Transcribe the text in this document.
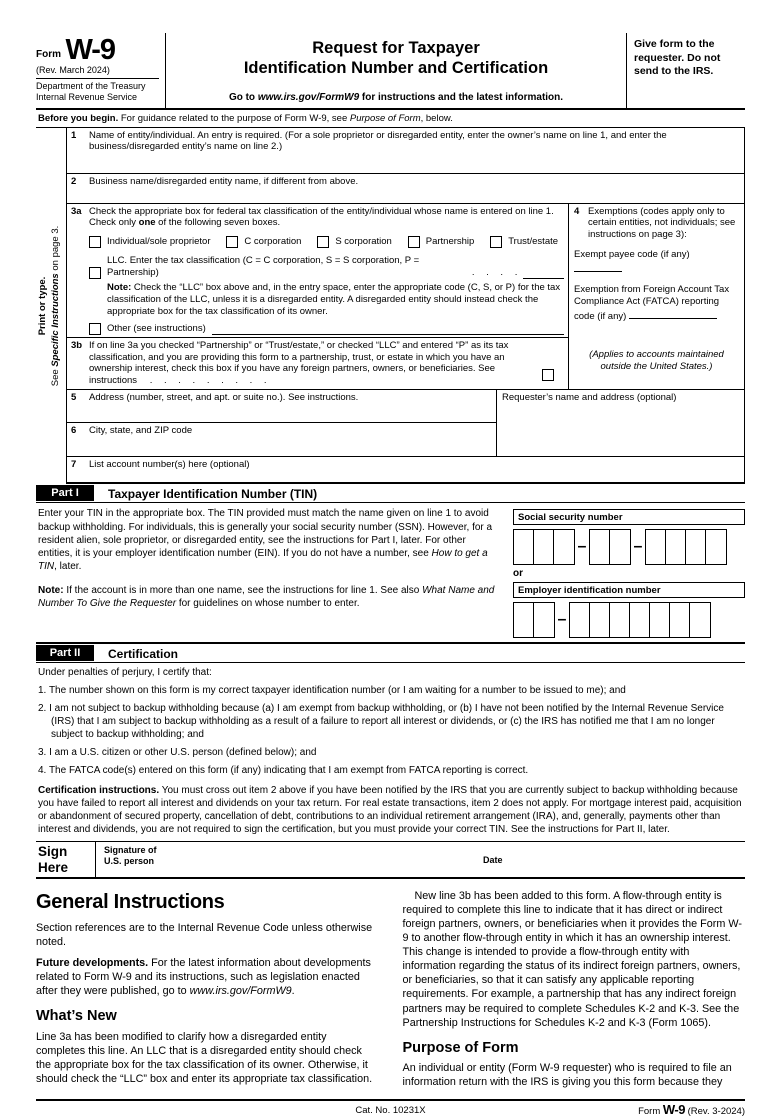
Form W-9
(Rev. March 2024)
Department of the Treasury
Internal Revenue Service
Request for Taxpayer
Identification Number and Certification
Go to www.irs.gov/FormW9 for instructions and the latest information.
Give form to the requester. Do not send to the IRS.
Before you begin. For guidance related to the purpose of Form W-9, see Purpose of Form, below.
Print or type.
See Specific Instructions on page 3.
1	Name of entity/individual. An entry is required. (For a sole proprietor or disregarded entity, enter the owner’s name on line 1, and enter the business/disregarded entity’s name on line 2.)
2	Business name/disregarded entity name, if different from above.
3a Check the appropriate box for federal tax classification of the entity/individual whose name is entered on line 1. Check only one of the following seven boxes.
Individual/sole proprietor	C corporation	S corporation	Partnership	Trust/estate
LLC. Enter the tax classification (C = C corporation, S = S corporation, P = Partnership)	. . . .
Note: Check the “LLC” box above and, in the entry space, enter the appropriate code (C, S, or P) for the tax classification of the LLC, unless it is a disregarded entity. A disregarded entity should instead check the appropriate box for the tax classification of its owner.
Other (see instructions)
3b If on line 3a you checked “Partnership” or “Trust/estate,” or checked “LLC” and entered “P” as its tax classification, and you are providing this form to a partnership, trust, or estate in which you have an ownership interest, check this box if you have any foreign partners, owners, or beneficiaries. See instructions . . . . . . . . .
4 Exemptions (codes apply only to certain entities, not individuals; see instructions on page 3):
Exempt payee code (if any)
Exemption from Foreign Account Tax Compliance Act (FATCA) reporting code (if any)
(Applies to accounts maintained outside the United States.)
5	Address (number, street, and apt. or suite no.). See instructions.
6	City, state, and ZIP code
Requester’s name and address (optional)
7	List account number(s) here (optional)
Part I	Taxpayer Identification Number (TIN)

Enter your TIN in the appropriate box. The TIN provided must match the name given on line 1 to avoid backup withholding. For individuals, this is generally your social security number (SSN). However, for a resident alien, sole proprietor, or disregarded entity, see the instructions for Part I, later. For other entities, it is your employer identification number (EIN). If you do not have a number, see How to get a TIN, later.

Note: If the account is in more than one name, see the instructions for line 1. See also What Name and Number To Give the Requester for guidelines on whose number to enter.

Social security number
–	–
or
Employer identification number
–
Part II	Certification
Under penalties of perjury, I certify that:
1. The number shown on this form is my correct taxpayer identification number (or I am waiting for a number to be issued to me); and
2. I am not subject to backup withholding because (a) I am exempt from backup withholding, or (b) I have not been notified by the Internal Revenue Service (IRS) that I am subject to backup withholding as a result of a failure to report all interest or dividends, or (c) the IRS has notified me that I am no longer subject to backup withholding; and
3. I am a U.S. citizen or other U.S. person (defined below); and
4. The FATCA code(s) entered on this form (if any) indicating that I am exempt from FATCA reporting is correct.
Certification instructions. You must cross out item 2 above if you have been notified by the IRS that you are currently subject to backup withholding because you have failed to report all interest and dividends on your tax return. For real estate transactions, item 2 does not apply. For mortgage interest paid, acquisition or abandonment of secured property, cancellation of debt, contributions to an individual retirement arrangement (IRA), and, generally, payments other than interest and dividends, you are not required to sign the certification, but you must provide your correct TIN. See the instructions for Part II, later.
Sign
Here
Signature of
U.S. person	Date
General Instructions

Section references are to the Internal Revenue Code unless otherwise noted.

Future developments. For the latest information about developments related to Form W-9 and its instructions, such as legislation enacted after they were published, go to www.irs.gov/FormW9.

What’s New

Line 3a has been modified to clarify how a disregarded entity completes this line. An LLC that is a disregarded entity should check the appropriate box for the tax classification of its owner. Otherwise, it should check the “LLC” box and enter its appropriate tax classification.

New line 3b has been added to this form. A flow-through entity is required to complete this line to indicate that it has direct or indirect foreign partners, owners, or beneficiaries when it provides the Form W-9 to another flow-through entity in which it has an ownership interest. This change is intended to provide a flow-through entity with information regarding the status of its indirect foreign partners, owners, or beneficiaries, so that it can satisfy any applicable reporting requirements. For example, a partnership that has any indirect foreign partners may be required to complete Schedules K-2 and K-3. See the Partnership Instructions for Schedules K-2 and K-3 (Form 1065).

Purpose of Form

An individual or entity (Form W-9 requester) who is required to file an information return with the IRS is giving you this form because they

Cat. No. 10231X	Form W-9 (Rev. 3-2024)
